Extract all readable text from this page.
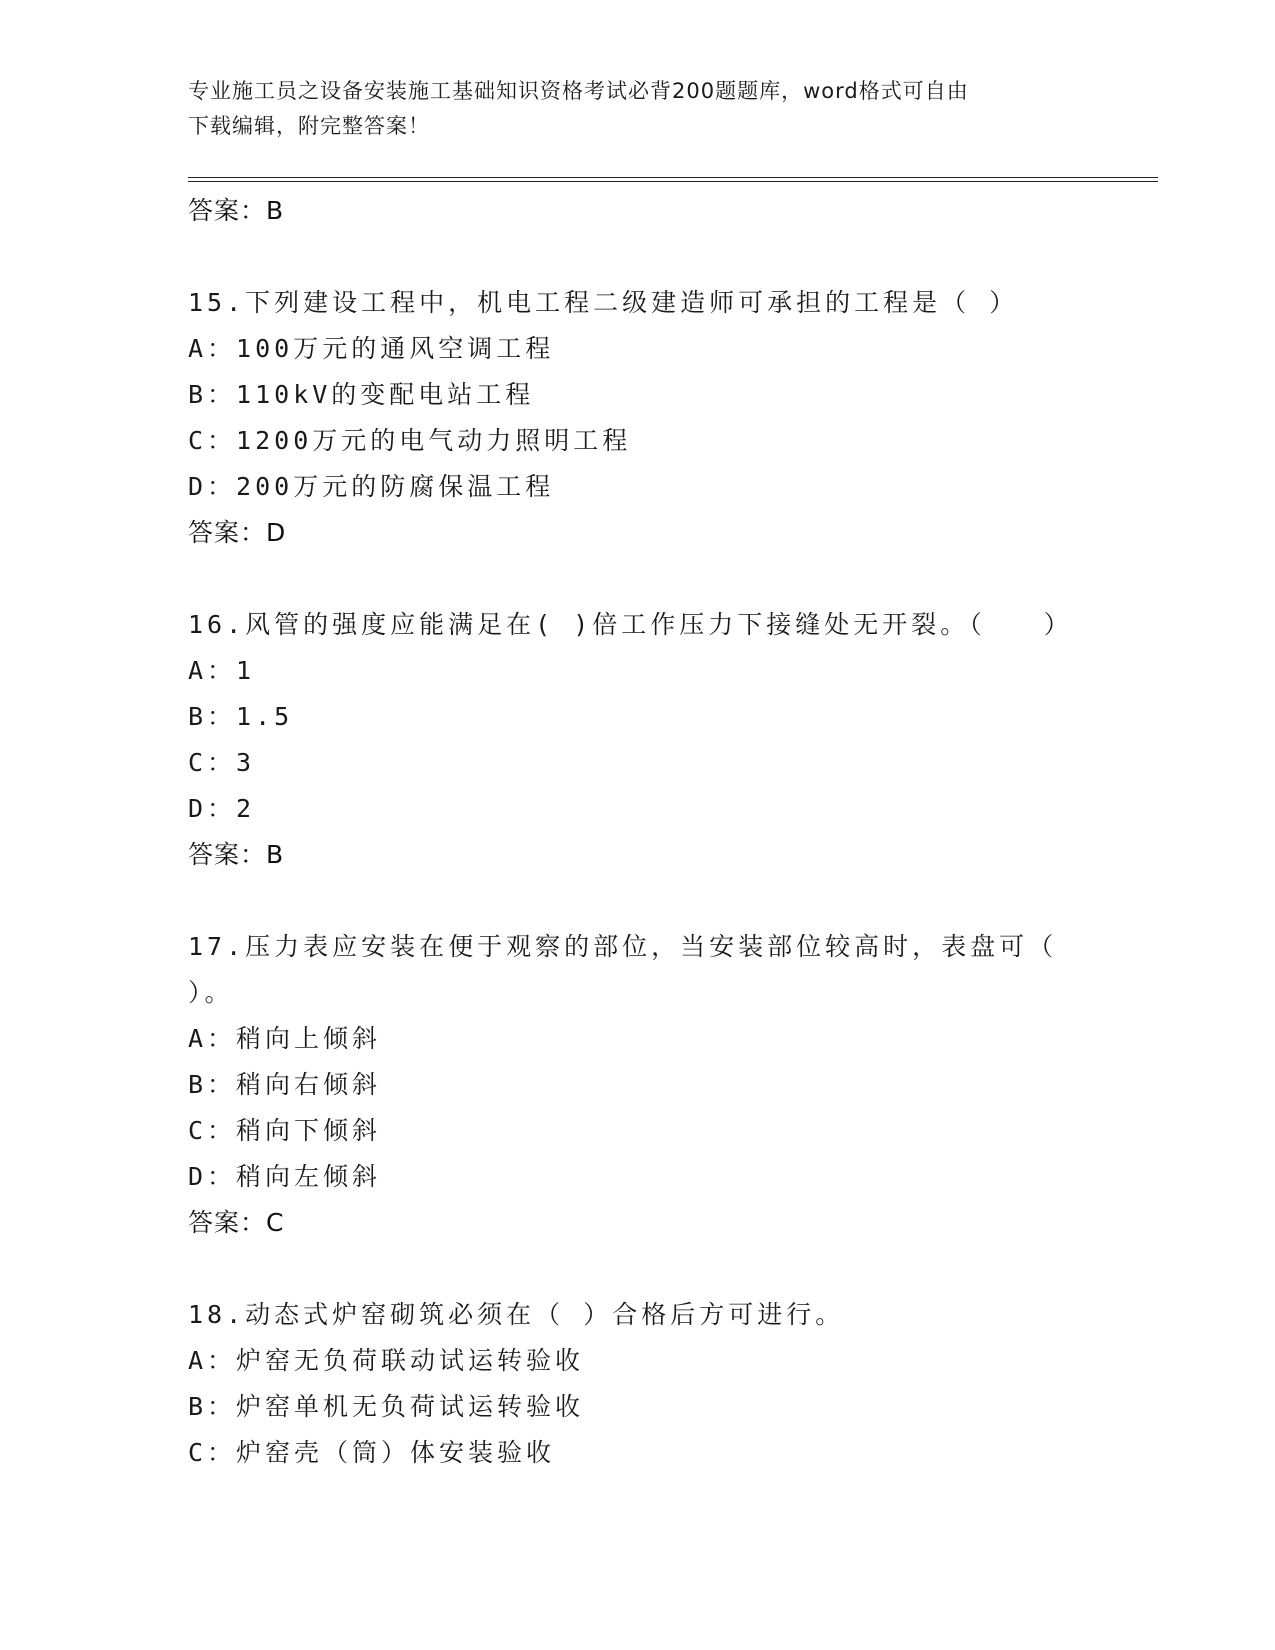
专业施工员之设备安装施工基础知识资格考试必背200题题库，word格式可自由
下载编辑，附完整答案！
答案：B
15.下列建设工程中，机电工程二级建造师可承担的工程是（ ）
A：100万元的通风空调工程
B：110kV的变配电站工程
C：1200万元的电气动力照明工程
D：200万元的防腐保温工程
答案：D
16.风管的强度应能满足在( )倍工作压力下接缝处无开裂。（　　）
A：1
B：1.5
C：3
D：2
答案：B
17.压力表应安装在便于观察的部位，当安装部位较高时，表盘可（
）。
A：稍向上倾斜
B：稍向右倾斜
C：稍向下倾斜
D：稍向左倾斜
答案：C
18.动态式炉窑砌筑必须在（ ）合格后方可进行。
A：炉窑无负荷联动试运转验收
B：炉窑单机无负荷试运转验收
C：炉窑壳（筒）体安装验收
